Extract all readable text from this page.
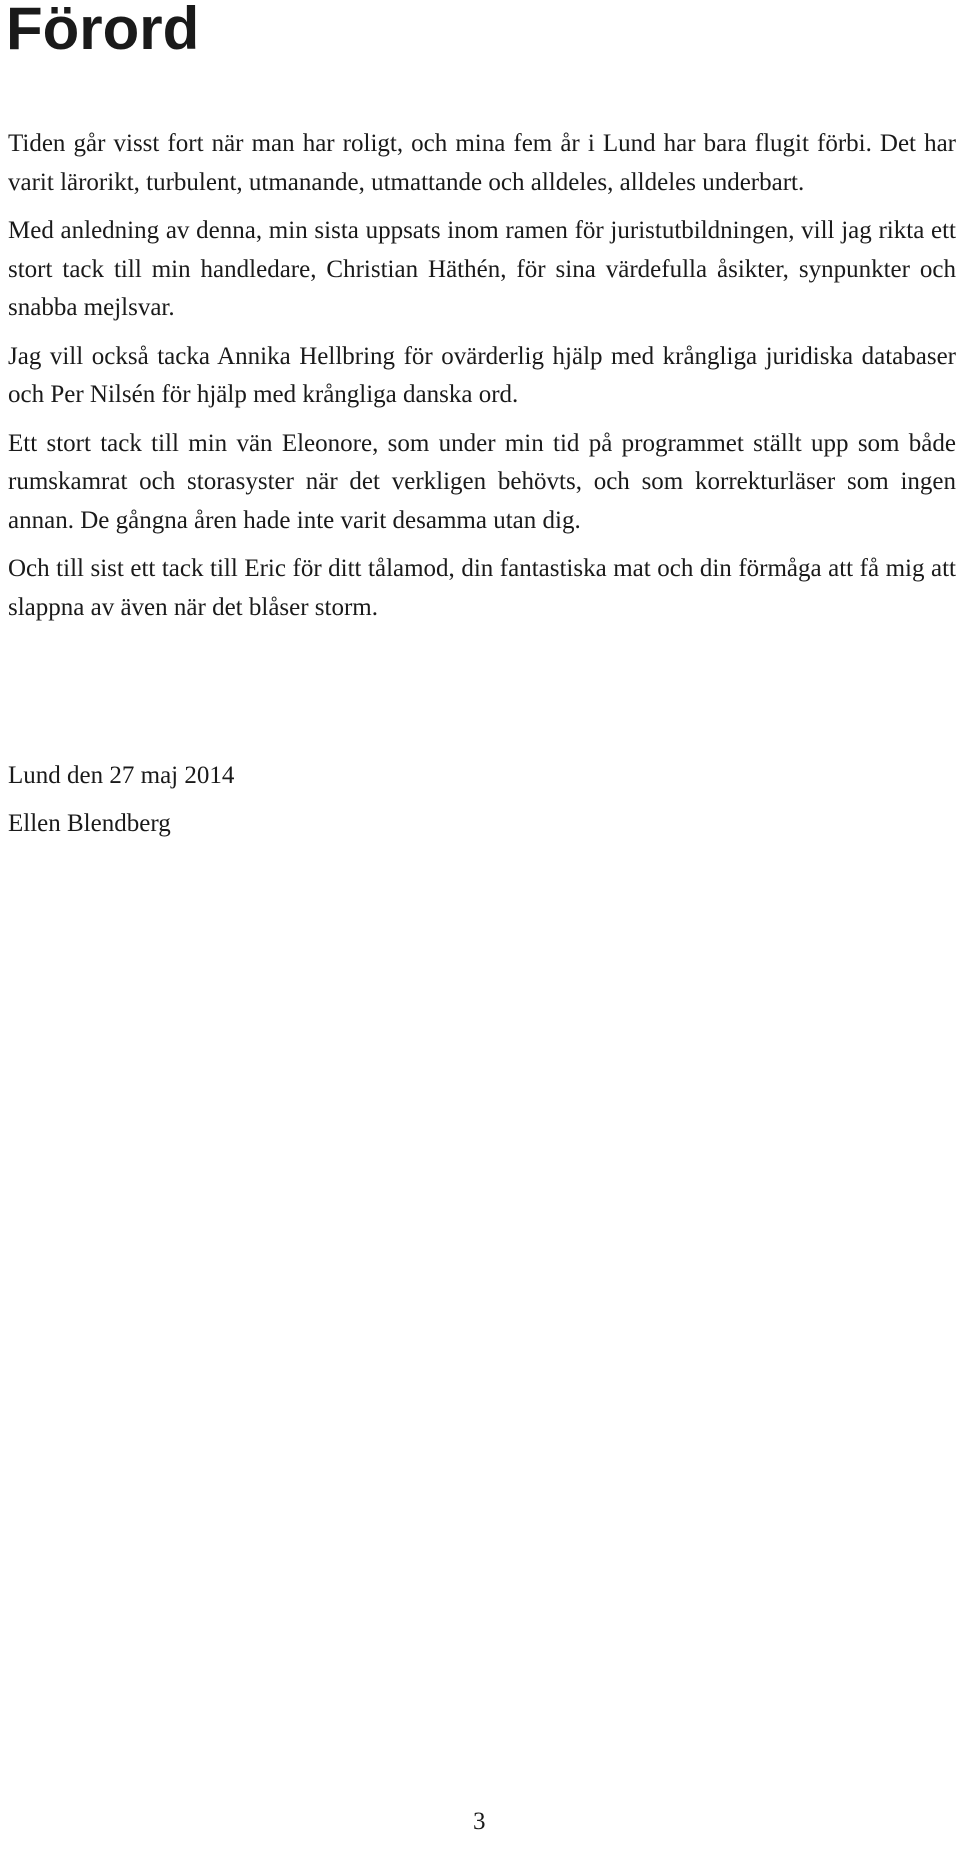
Förord

Tiden går visst fort när man har roligt, och mina fem år i Lund har bara flugit förbi. Det har varit lärorikt, turbulent, utmanande, utmattande och alldeles, alldeles underbart.

Med anledning av denna, min sista uppsats inom ramen för juristutbildningen, vill jag rikta ett stort tack till min handledare, Christian Häthén, för sina värdefulla åsikter, synpunkter och snabba mejlsvar.

Jag vill också tacka Annika Hellbring för ovärderlig hjälp med krångliga juridiska databaser och Per Nilsén för hjälp med krångliga danska ord.

Ett stort tack till min vän Eleonore, som under min tid på programmet ställt upp som både rumskamrat och storasyster när det verkligen behövts, och som korrekturläser som ingen annan. De gångna åren hade inte varit desamma utan dig.

Och till sist ett tack till Eric för ditt tålamod, din fantastiska mat och din förmåga att få mig att slappna av även när det blåser storm.

Lund den 27 maj 2014
Ellen Blendberg
3
